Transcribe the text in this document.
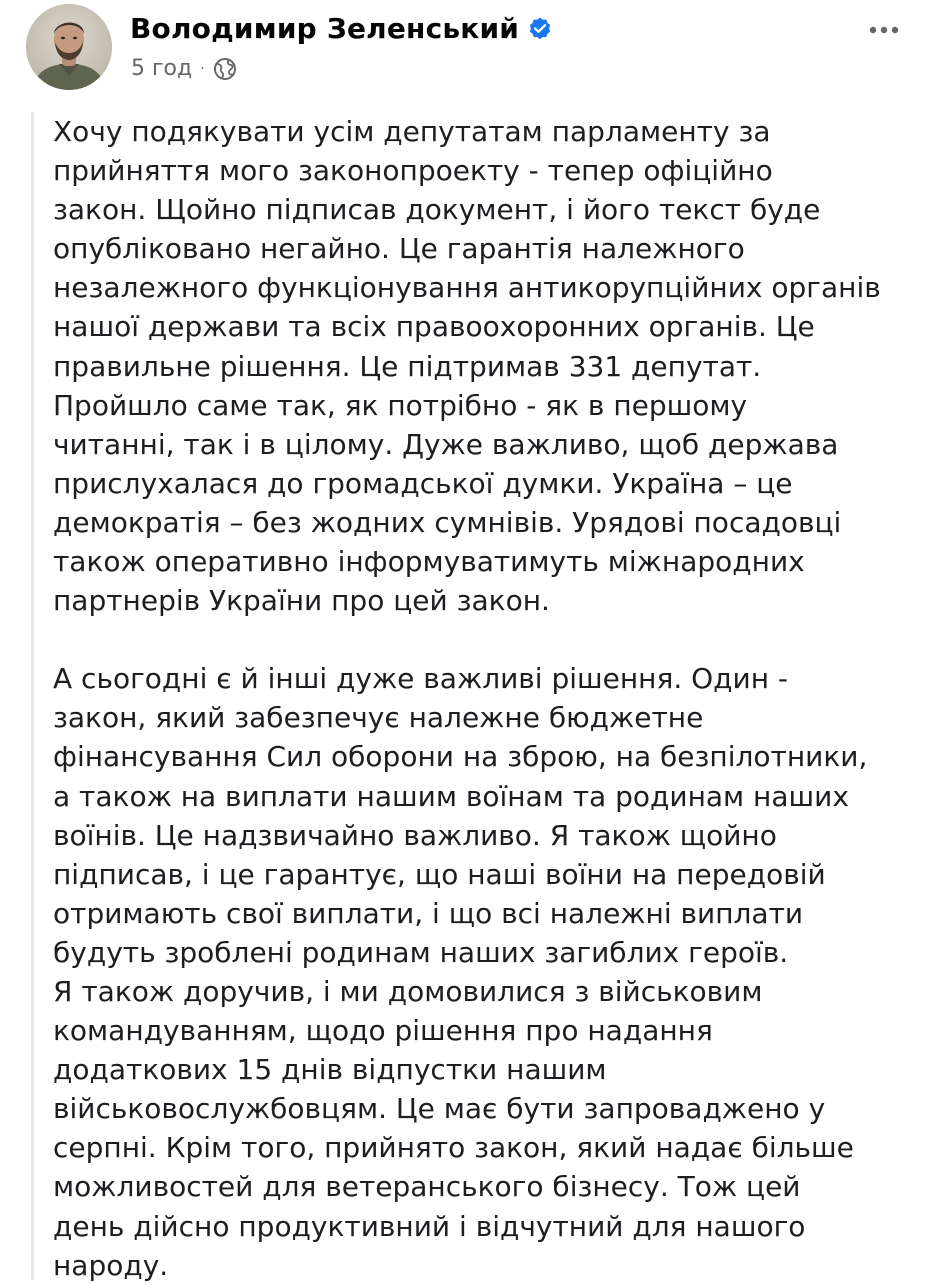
Володимир Зеленський
5 год ·

Хочу подякувати усім депутатам парламенту за
прийняття мого законопроекту - тепер офіційно
закон. Щойно підписав документ, і його текст буде
опубліковано негайно. Це гарантія належного
незалежного функціонування антикорупційних органів
нашої держави та всіх правоохоронних органів. Це
правильне рішення. Це підтримав 331 депутат.
Пройшло саме так, як потрібно - як в першому
читанні, так і в цілому. Дуже важливо, щоб держава
прислухалася до громадської думки. Україна – це
демократія – без жодних сумнівів. Урядові посадовці
також оперативно інформуватимуть міжнародних
партнерів України про цей закон.

А сьогодні є й інші дуже важливі рішення. Один -
закон, який забезпечує належне бюджетне
фінансування Сил оборони на зброю, на безпілотники,
а також на виплати нашим воїнам та родинам наших
воїнів. Це надзвичайно важливо. Я також щойно
підписав, і це гарантує, що наші воїни на передовій
отримають свої виплати, і що всі належні виплати
будуть зроблені родинам наших загиблих героїв.
Я також доручив, і ми домовилися з військовим
командуванням, щодо рішення про надання
додаткових 15 днів відпустки нашим
військовослужбовцям. Це має бути запроваджено у
серпні. Крім того, прийнято закон, який надає більше
можливостей для ветеранського бізнесу. Тож цей
день дійсно продуктивний і відчутний для нашого
народу.
